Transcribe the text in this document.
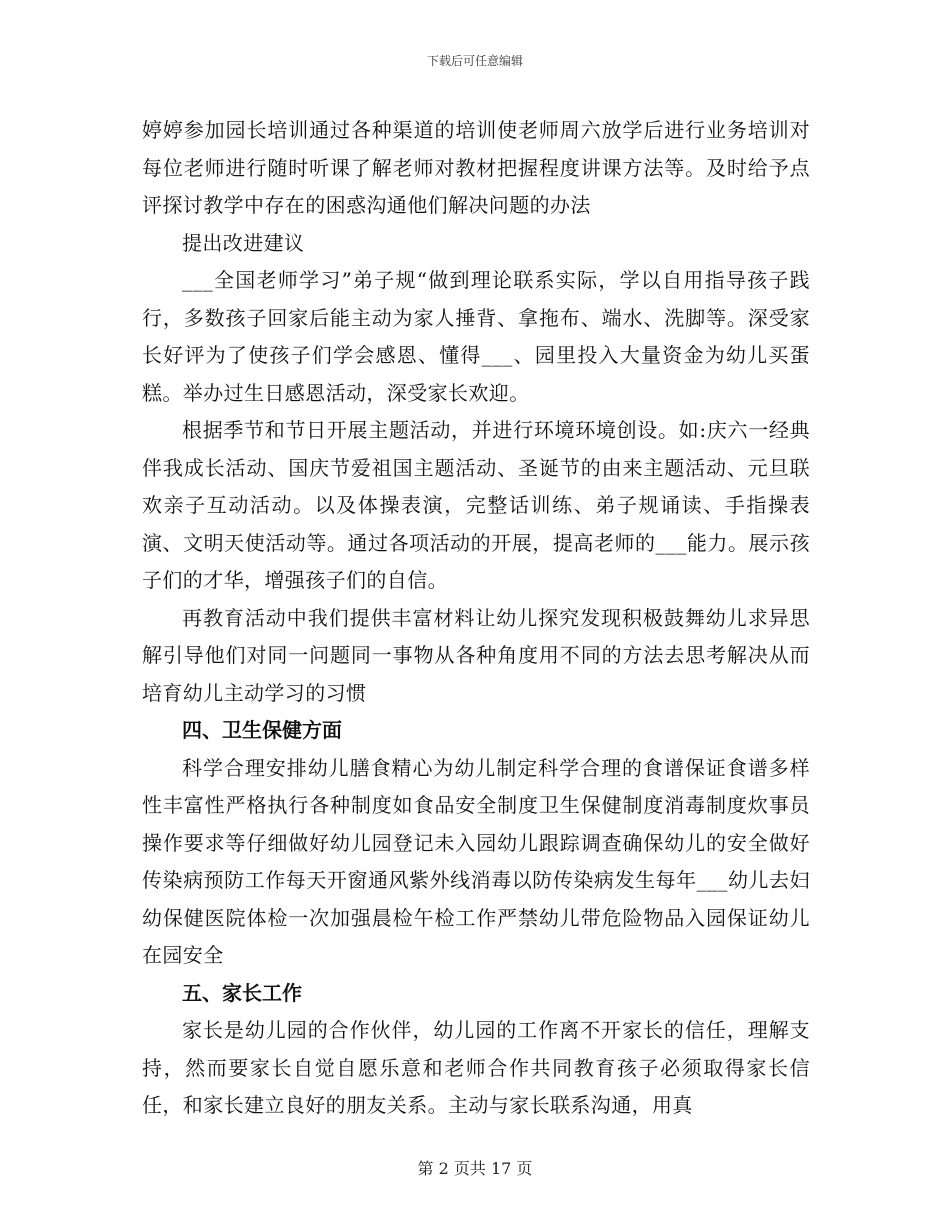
下载后可任意编辑

婷婷参加园长培训通过各种渠道的培训使老师周六放学后进行业务培训对每位老师进行随时听课了解老师对教材把握程度讲课方法等。及时给予点评探讨教学中存在的困惑沟通他们解决问题的办法

提出改进建议

___全国老师学习”弟子规“做到理论联系实际，学以自用指导孩子践行，多数孩子回家后能主动为家人捶背、拿拖布、端水、洗脚等。深受家长好评为了使孩子们学会感恩、懂得___、园里投入大量资金为幼儿买蛋糕。举办过生日感恩活动，深受家长欢迎。

根据季节和节日开展主题活动，并进行环境环境创设。如:庆六一经典伴我成长活动、国庆节爱祖国主题活动、圣诞节的由来主题活动、元旦联欢亲子互动活动。以及体操表演，完整话训练、弟子规诵读、手指操表演、文明天使活动等。通过各项活动的开展，提高老师的___能力。展示孩子们的才华，增强孩子们的自信。

再教育活动中我们提供丰富材料让幼儿探究发现积极鼓舞幼儿求异思解引导他们对同一问题同一事物从各种角度用不同的方法去思考解决从而培育幼儿主动学习的习惯

四、卫生保健方面

科学合理安排幼儿膳食精心为幼儿制定科学合理的食谱保证食谱多样性丰富性严格执行各种制度如食品安全制度卫生保健制度消毒制度炊事员操作要求等仔细做好幼儿园登记未入园幼儿跟踪调查确保幼儿的安全做好传染病预防工作每天开窗通风紫外线消毒以防传染病发生每年___幼儿去妇幼保健医院体检一次加强晨检午检工作严禁幼儿带危险物品入园保证幼儿在园安全

五、家长工作

家长是幼儿园的合作伙伴，幼儿园的工作离不开家长的信任，理解支持，然而要家长自觉自愿乐意和老师合作共同教育孩子必须取得家长信任，和家长建立良好的朋友关系。主动与家长联系沟通，用真

第 2 页共 17 页
